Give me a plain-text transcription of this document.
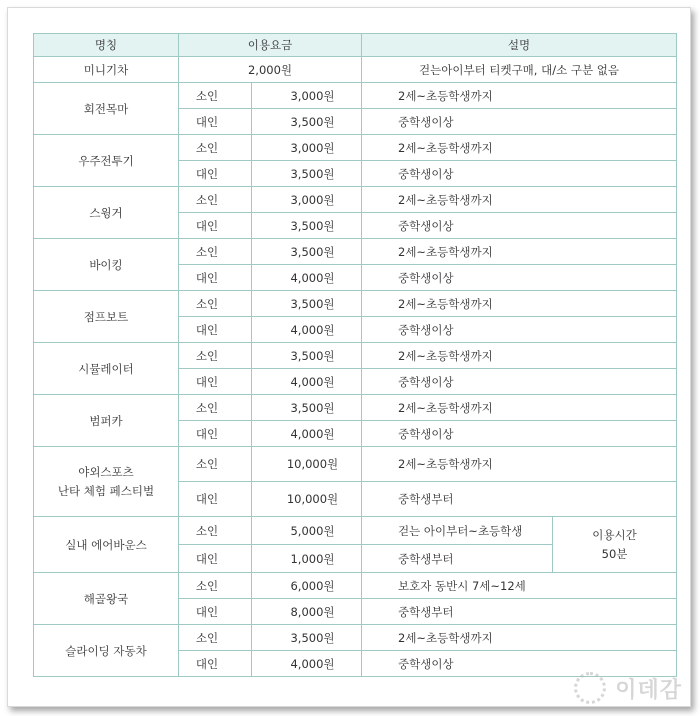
명칭	이용요금		설명	
미니기차	2,000원		걷는아이부터 티켓구매, 대/소 구분 없음	
회전목마	소인	3,000원	2세~초등학생까지	
	대인	3,500원	중학생이상	
우주전투기	소인	3,000원	2세~초등학생까지	
	대인	3,500원	중학생이상	
스윙거	소인	3,000원	2세~초등학생까지	
	대인	3,500원	중학생이상	
바이킹	소인	3,500원	2세~초등학생까지	
	대인	4,000원	중학생이상	
점프보트	소인	3,500원	2세~초등학생까지	
	대인	4,000원	중학생이상	
시뮬레이터	소인	3,500원	2세~초등학생까지	
	대인	4,000원	중학생이상	
범퍼카	소인	3,500원	2세~초등학생까지	
	대인	4,000원	중학생이상	

야외스포츠
난타 체험 페스티벌	소인	10,000원	2세~초등학생까지	
	대인	10,000원	중학생부터	
실내 에어바운스	소인	5,000원	걷는 아이부터~초등학생	이용시간
50분

	대인	1,000원	중학생부터	
해골왕국	소인	6,000원	보호자 동반시 7세~12세	
	대인	8,000원	중학생부터	
슬라이딩 자동차	소인	3,500원	2세~초등학생까지	
	대인	4,000원	중학생이상	
이데감
